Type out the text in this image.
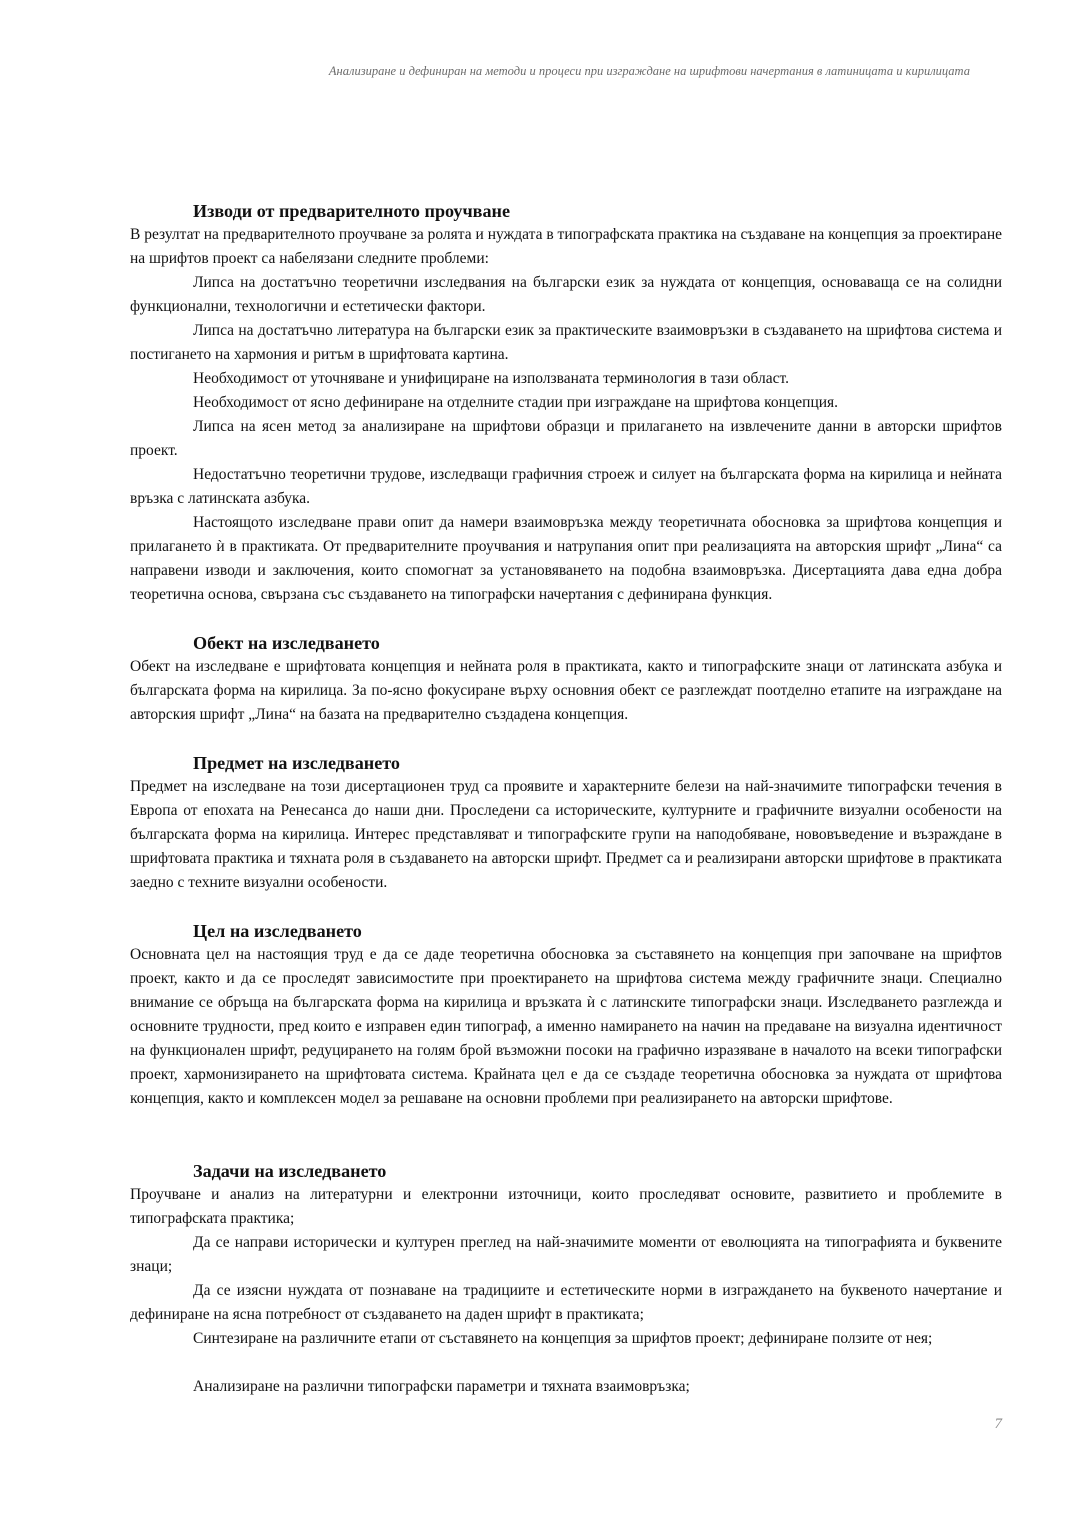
Анализиране и дефиниран на методи и процеси при изграждане на шрифтови начертания в латиницата и кирилицата
Изводи от предварителното проучване

В резултат на предварителното проучване за ролята и нуждата в типографската практика на създаване на концепция за проектиране на шрифтов проект са набелязани следните проблеми:

Липса на достатъчно теоретични изследвания на български език за нуждата от концепция, основаваща се на солидни функционални, технологични и естетически фактори.

Липса на достатъчно литература на български език за практическите взаимовръзки в създаването на шрифтова система и постигането на хармония и ритъм в шрифтовата картина.

Необходимост от уточняване и унифициране на използваната терминология в тази област.

Необходимост от ясно дефиниране на отделните стадии при изграждане на шрифтова концепция.

Липса на ясен метод за анализиране на шрифтови образци и прилагането на извлечените данни в авторски шрифтов проект.

Недостатъчно теоретични трудове, изследващи графичния строеж и силует на българската форма на кирилица и нейната връзка с латинската азбука.

Настоящото изследване прави опит да намери взаимовръзка между теоретичната обосновка за шрифтова концепция и прилагането ѝ в практиката. От предварителните проучвания и натрупания опит при реализацията на авторския шрифт „Лина“ са направени изводи и заключения, които спомогнат за установяването на подобна взаимовръзка. Дисертацията дава една добра теоретична основа, свързана със създаването на типографски начертания с дефинирана функция.

Обект на изследването

Обект на изследване е шрифтовата концепция и нейната роля в практиката, както и типографските знаци от латинската азбука и българската форма на кирилица. За по-ясно фокусиране върху основния обект се разглеждат поотделно етапите на изграждане на авторския шрифт „Лина“ на базата на предварително създадена концепция.

Предмет на изследването

Предмет на изследване на този дисертационен труд са проявите и характерните белези на най-значимите типографски течения в Европа от епохата на Ренесанса до наши дни. Проследени са историческите, културните и графичните визуални особености на българската форма на кирилица. Интерес представляват и типографските групи на наподобяване, нововъведение и възраждане в шрифтовата практика и тяхната роля в създаването на авторски шрифт. Предмет са и реализирани авторски шрифтове в практиката заедно с техните визуални особености.

Цел на изследването

Основната цел на настоящия труд е да се даде теоретична обосновка за съставянето на концепция при започване на шрифтов проект, както и да се проследят зависимостите при проектирането на шрифтова система между графичните знаци. Специално внимание се обръща на българската форма на кирилица и връзката ѝ с латинските типографски знаци. Изследването разглежда и основните трудности, пред които е изправен един типограф, а именно намирането на начин на предаване на визуална идентичност на функционален шрифт, редуцирането на голям брой възможни посоки на графично изразяване в началото на всеки типографски проект, хармонизирането на шрифтовата система. Крайната цел е да се създаде теоретична обосновка за нуждата от шрифтова концепция, както и комплексен модел за решаване на основни проблеми при реализирането на авторски шрифтове.

Задачи на изследването

Проучване и анализ на литературни и електронни източници, които проследяват основите, развитието и проблемите в типографската практика;

Да се направи исторически и културен преглед на най-значимите моменти от еволюцията на типографията и буквените знаци;

Да се изясни нуждата от познаване на традициите и естетическите норми в изграждането на буквеното начертание и дефиниране на ясна потребност от създаването на даден шрифт в практиката;

Синтезиране на различните етапи от съставянето на концепция за шрифтов проект; дефиниране ползите от нея;

Анализиране на различни типографски параметри и тяхната взаимовръзка;

7
